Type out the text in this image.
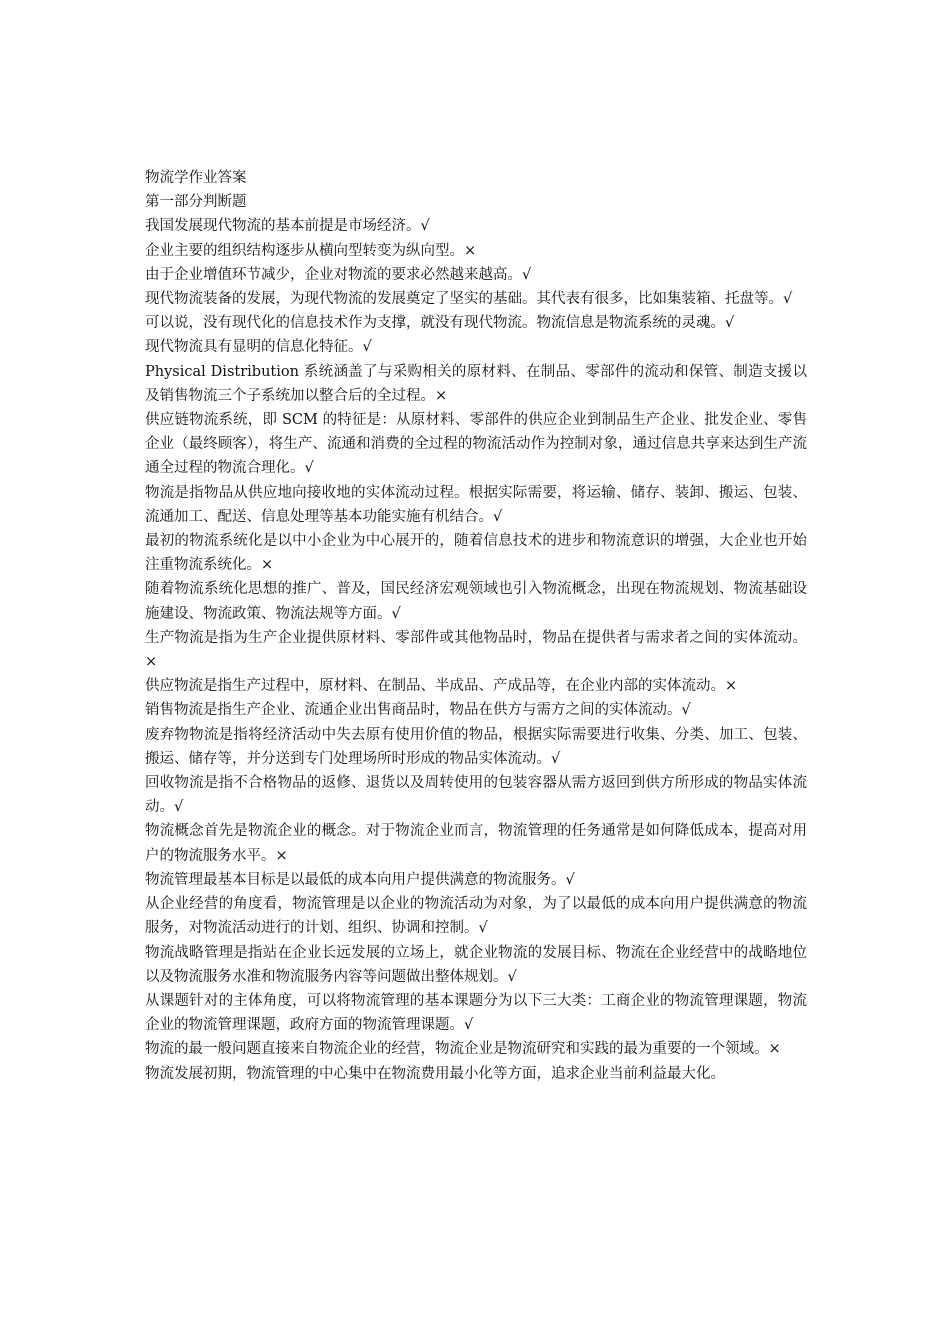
物流学作业答案

第一部分判断题

我国发展现代物流的基本前提是市场经济。√

企业主要的组织结构逐步从横向型转变为纵向型。×

由于企业增值环节减少，企业对物流的要求必然越来越高。√

现代物流装备的发展，为现代物流的发展奠定了坚实的基础。其代表有很多，比如集装箱、托盘等。√

可以说，没有现代化的信息技术作为支撑，就没有现代物流。物流信息是物流系统的灵魂。√

现代物流具有显明的信息化特征。√

Physical Distribution 系统涵盖了与采购相关的原材料、在制品、零部件的流动和保管、制造支援以及销售物流三个子系统加以整合后的全过程。×

供应链物流系统，即 SCM 的特征是：从原材料、零部件的供应企业到制品生产企业、批发企业、零售企业（最终顾客），将生产、流通和消费的全过程的物流活动作为控制对象，通过信息共享来达到生产流通全过程的物流合理化。√

物流是指物品从供应地向接收地的实体流动过程。根据实际需要，将运输、储存、装卸、搬运、包装、流通加工、配送、信息处理等基本功能实施有机结合。√

最初的物流系统化是以中小企业为中心展开的，随着信息技术的进步和物流意识的增强，大企业也开始注重物流系统化。×

随着物流系统化思想的推广、普及，国民经济宏观领域也引入物流概念，出现在物流规划、物流基础设施建设、物流政策、物流法规等方面。√

生产物流是指为生产企业提供原材料、零部件或其他物品时，物品在提供者与需求者之间的实体流动。×

供应物流是指生产过程中，原材料、在制品、半成品、产成品等，在企业内部的实体流动。×

销售物流是指生产企业、流通企业出售商品时，物品在供方与需方之间的实体流动。√

废弃物物流是指将经济活动中失去原有使用价值的物品，根据实际需要进行收集、分类、加工、包装、搬运、储存等，并分送到专门处理场所时形成的物品实体流动。√

回收物流是指不合格物品的返修、退货以及周转使用的包装容器从需方返回到供方所形成的物品实体流动。√

物流概念首先是物流企业的概念。对于物流企业而言，物流管理的任务通常是如何降低成本，提高对用户的物流服务水平。×

物流管理最基本目标是以最低的成本向用户提供满意的物流服务。√

从企业经营的角度看，物流管理是以企业的物流活动为对象，为了以最低的成本向用户提供满意的物流服务，对物流活动进行的计划、组织、协调和控制。√

物流战略管理是指站在企业长远发展的立场上，就企业物流的发展目标、物流在企业经营中的战略地位以及物流服务水准和物流服务内容等问题做出整体规划。√

从课题针对的主体角度，可以将物流管理的基本课题分为以下三大类：工商企业的物流管理课题，物流企业的物流管理课题，政府方面的物流管理课题。√

物流的最一般问题直接来自物流企业的经营，物流企业是物流研究和实践的最为重要的一个领域。×

物流发展初期，物流管理的中心集中在物流费用最小化等方面，追求企业当前利益最大化。
